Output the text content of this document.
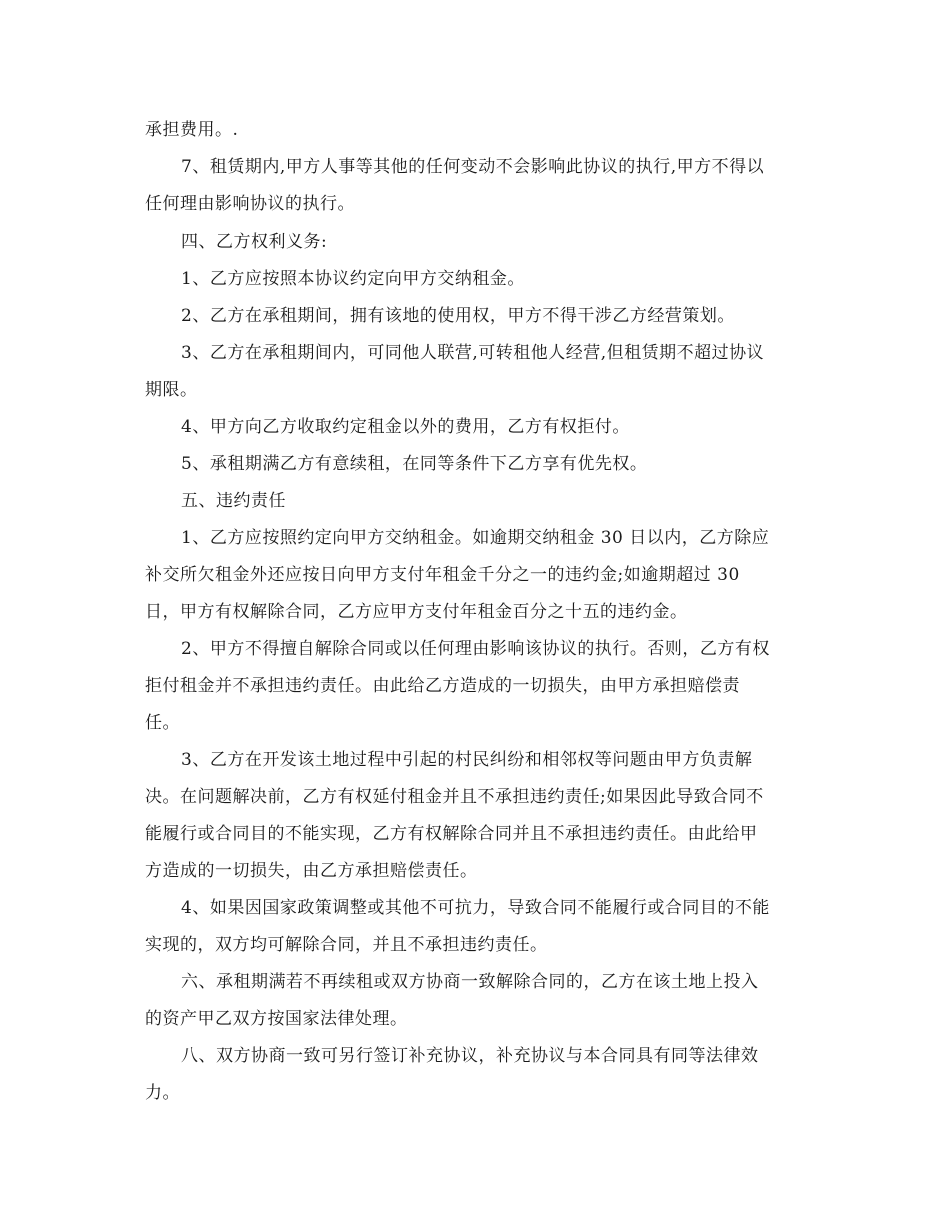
承担费用。.
7、租赁期内,甲方人事等其他的任何变动不会影响此协议的执行,甲方不得以
任何理由影响协议的执行。
四、乙方权利义务:
1、乙方应按照本协议约定向甲方交纳租金。
2、乙方在承租期间，拥有该地的使用权，甲方不得干涉乙方经营策划。
3、乙方在承租期间内，可同他人联营,可转租他人经营,但租赁期不超过协议
期限。
4、甲方向乙方收取约定租金以外的费用，乙方有权拒付。
5、承租期满乙方有意续租，在同等条件下乙方享有优先权。
五、违约责任
1、乙方应按照约定向甲方交纳租金。如逾期交纳租金 30 日以内，乙方除应
补交所欠租金外还应按日向甲方支付年租金千分之一的违约金;如逾期超过 30
日，甲方有权解除合同，乙方应甲方支付年租金百分之十五的违约金。
2、甲方不得擅自解除合同或以任何理由影响该协议的执行。否则，乙方有权
拒付租金并不承担违约责任。由此给乙方造成的一切损失，由甲方承担赔偿责
任。
3、乙方在开发该土地过程中引起的村民纠纷和相邻权等问题由甲方负责解
决。在问题解决前，乙方有权延付租金并且不承担违约责任;如果因此导致合同不
能履行或合同目的不能实现，乙方有权解除合同并且不承担违约责任。由此给甲
方造成的一切损失，由乙方承担赔偿责任。
4、如果因国家政策调整或其他不可抗力，导致合同不能履行或合同目的不能
实现的，双方均可解除合同，并且不承担违约责任。
六、承租期满若不再续租或双方协商一致解除合同的，乙方在该土地上投入
的资产甲乙双方按国家法律处理。
八、双方协商一致可另行签订补充协议，补充协议与本合同具有同等法律效
力。
